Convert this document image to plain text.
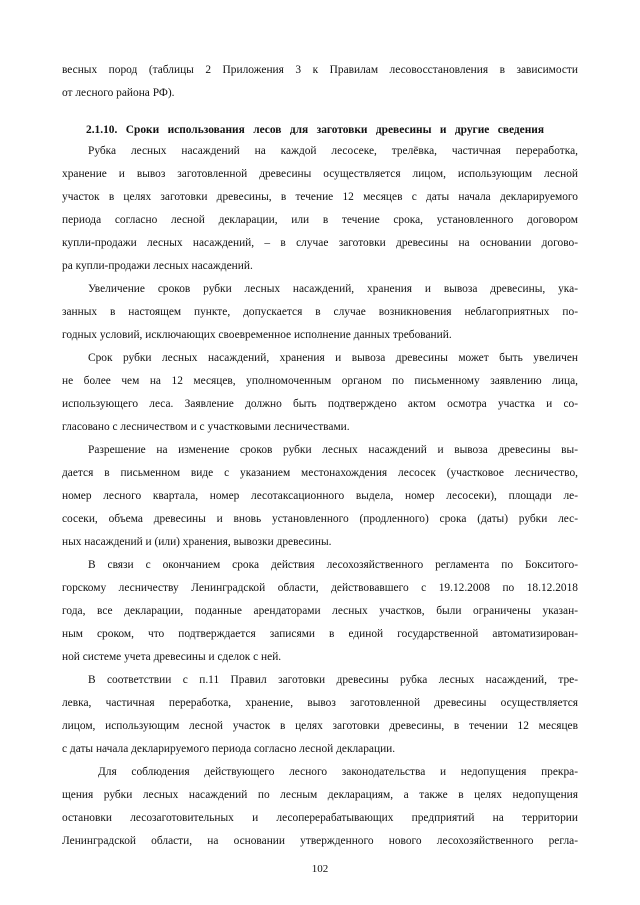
весных пород (таблицы 2 Приложения 3 к Правилам лесовосстановления в зависимости
от лесного района РФ).
2.1.10. Сроки использования лесов для заготовки древесины и другие сведения
Рубка лесных насаждений на каждой лесосеке, трелёвка, частичная переработка,
хранение и вывоз заготовленной древесины осуществляется лицом, использующим лесной
участок в целях заготовки древесины, в течение 12 месяцев с даты начала декларируемого
периода согласно лесной декларации, или в течение срока, установленного договором
купли-продажи лесных насаждений, – в случае заготовки древесины на основании догово-
ра купли-продажи лесных насаждений.
Увеличение сроков рубки лесных насаждений, хранения и вывоза древесины, ука-
занных в настоящем пункте, допускается в случае возникновения неблагоприятных по-
годных условий, исключающих своевременное исполнение данных требований.
Срок рубки лесных насаждений, хранения и вывоза древесины может быть увеличен
не более чем на 12 месяцев, уполномоченным органом по письменному заявлению лица,
использующего леса. Заявление должно быть подтверждено актом осмотра участка и со-
гласовано с лесничеством и с участковыми лесничествами.
Разрешение на изменение сроков рубки лесных насаждений и вывоза древесины вы-
дается в письменном виде с указанием местонахождения лесосек (участковое лесничество,
номер лесного квартала, номер лесотаксационного выдела, номер лесосеки), площади ле-
сосеки, объема древесины и вновь установленного (продленного) срока (даты) рубки лес-
ных насаждений и (или) хранения, вывозки древесины.
В связи с окончанием срока действия лесохозяйственного регламента по Бокситого-
горскому лесничеству Ленинградской области, действовавшего с 19.12.2008 по 18.12.2018
года, все декларации, поданные арендаторами лесных участков, были ограничены указан-
ным сроком, что подтверждается записями в единой государственной автоматизирован-
ной системе учета древесины и сделок с ней.
В соответствии с п.11 Правил заготовки древесины рубка лесных насаждений, тре-
левка, частичная переработка, хранение, вывоз заготовленной древесины осуществляется
лицом, использующим лесной участок в целях заготовки древесины, в течении 12 месяцев
с даты начала декларируемого периода согласно лесной декларации.
Для соблюдения действующего лесного законодательства и недопущения прекра-
щения рубки лесных насаждений по лесным декларациям, а также в целях недопущения
остановки лесозаготовительных и лесоперерабатывающих предприятий на территории
Ленинградской области, на основании утвержденного нового лесохозяйственного регла-
102
